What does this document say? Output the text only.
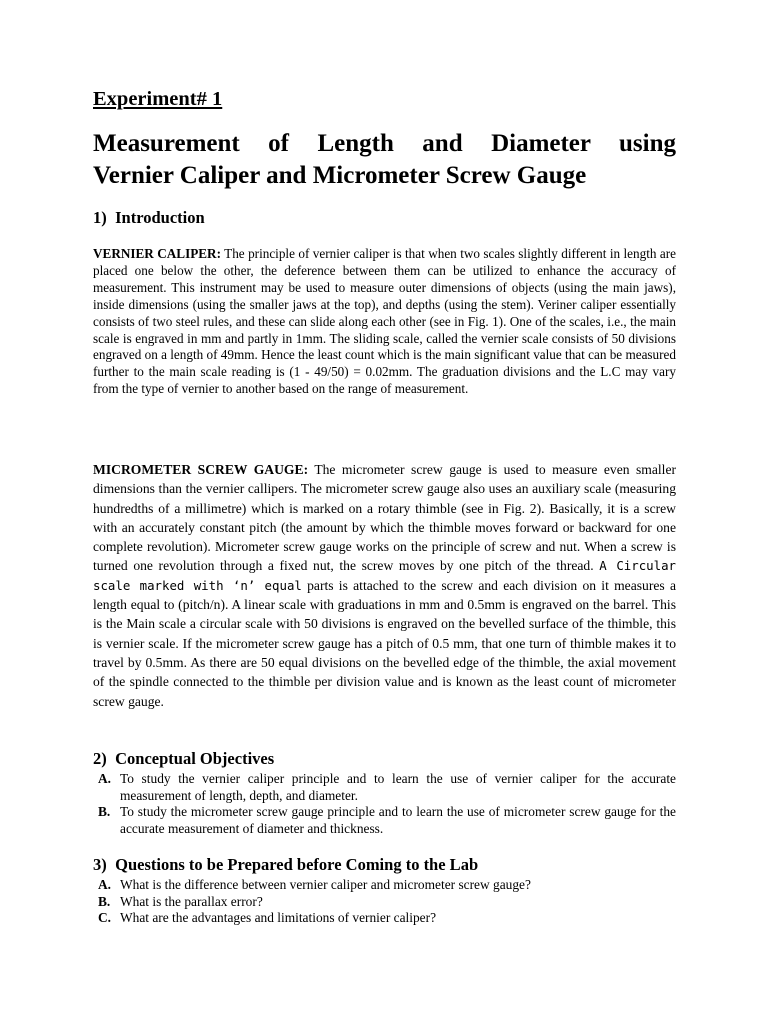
Experiment# 1
Measurement of Length and Diameter using
Vernier Caliper and Micrometer Screw Gauge
1) Introduction

VERNIER CALIPER: The principle of vernier caliper is that when two scales slightly different in length are placed one below the other, the deference between them can be utilized to enhance the accuracy of measurement. This instrument may be used to measure outer dimensions of objects (using the main jaws), inside dimensions (using the smaller jaws at the top), and depths (using the stem). Veriner caliper essentially consists of two steel rules, and these can slide along each other (see in Fig. 1). One of the scales, i.e., the main scale is engraved in mm and partly in 1mm. The sliding scale, called the vernier scale consists of 50 divisions engraved on a length of 49mm. Hence the least count which is the main significant value that can be measured further to the main scale reading is (1 - 49/50) = 0.02mm. The graduation divisions and the L.C may vary from the type of vernier to another based on the range of measurement.

MICROMETER SCREW GAUGE: The micrometer screw gauge is used to measure even smaller dimensions than the vernier callipers. The micrometer screw gauge also uses an auxiliary scale (measuring hundredths of a millimetre) which is marked on a rotary thimble (see in Fig. 2). Basically, it is a screw with an accurately constant pitch (the amount by which the thimble moves forward or backward for one complete revolution). Micrometer screw gauge works on the principle of screw and nut. When a screw is turned one revolution through a fixed nut, the screw moves by one pitch of the thread. A Circular scale marked with ‘n’ equal parts is attached to the screw and each division on it measures a length equal to (pitch/n). A linear scale with graduations in mm and 0.5mm is engraved on the barrel. This is the Main scale a circular scale with 50 divisions is engraved on the bevelled surface of the thimble, this is vernier scale. If the micrometer screw gauge has a pitch of 0.5 mm, that one turn of thimble makes it to travel by 0.5mm. As there are 50 equal divisions on the bevelled edge of the thimble, the axial movement of the spindle connected to the thimble per division value and is known as the least count of micrometer screw gauge.

2) Conceptual Objectives
A. To study the vernier caliper principle and to learn the use of vernier caliper for the accurate measurement of length, depth, and diameter.
B. To study the micrometer screw gauge principle and to learn the use of micrometer screw gauge for the accurate measurement of diameter and thickness.
3) Questions to be Prepared before Coming to the Lab
A. What is the difference between vernier caliper and micrometer screw gauge?
B. What is the parallax error?
C. What are the advantages and limitations of vernier caliper?
